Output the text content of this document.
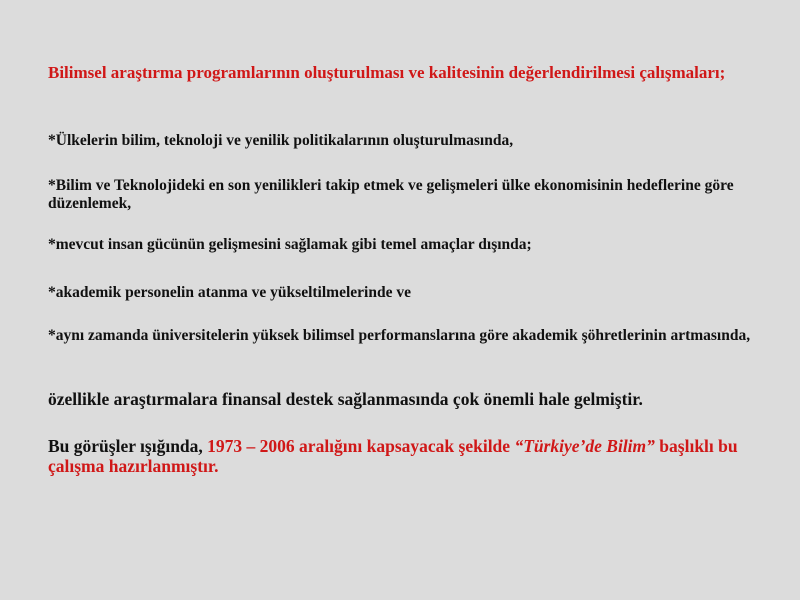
Bilimsel araştırma programlarının oluşturulması ve kalitesinin değerlendirilmesi çalışmaları;

*Ülkelerin bilim, teknoloji ve yenilik politikalarının oluşturulmasında,

*Bilim ve Teknolojideki en son yenilikleri takip etmek ve gelişmeleri ülke ekonomisinin hedeflerine göre düzenlemek,

*mevcut insan gücünün gelişmesini sağlamak gibi temel amaçlar dışında;

*akademik personelin atanma ve yükseltilmelerinde ve

*aynı zamanda üniversitelerin yüksek bilimsel performanslarına göre akademik şöhretlerinin artmasında,

özellikle araştırmalara finansal destek sağlanmasında çok önemli hale gelmiştir.

Bu görüşler ışığında, 1973 – 2006 aralığını kapsayacak şekilde “Türkiye’de Bilim” başlıklı bu çalışma hazırlanmıştır.
